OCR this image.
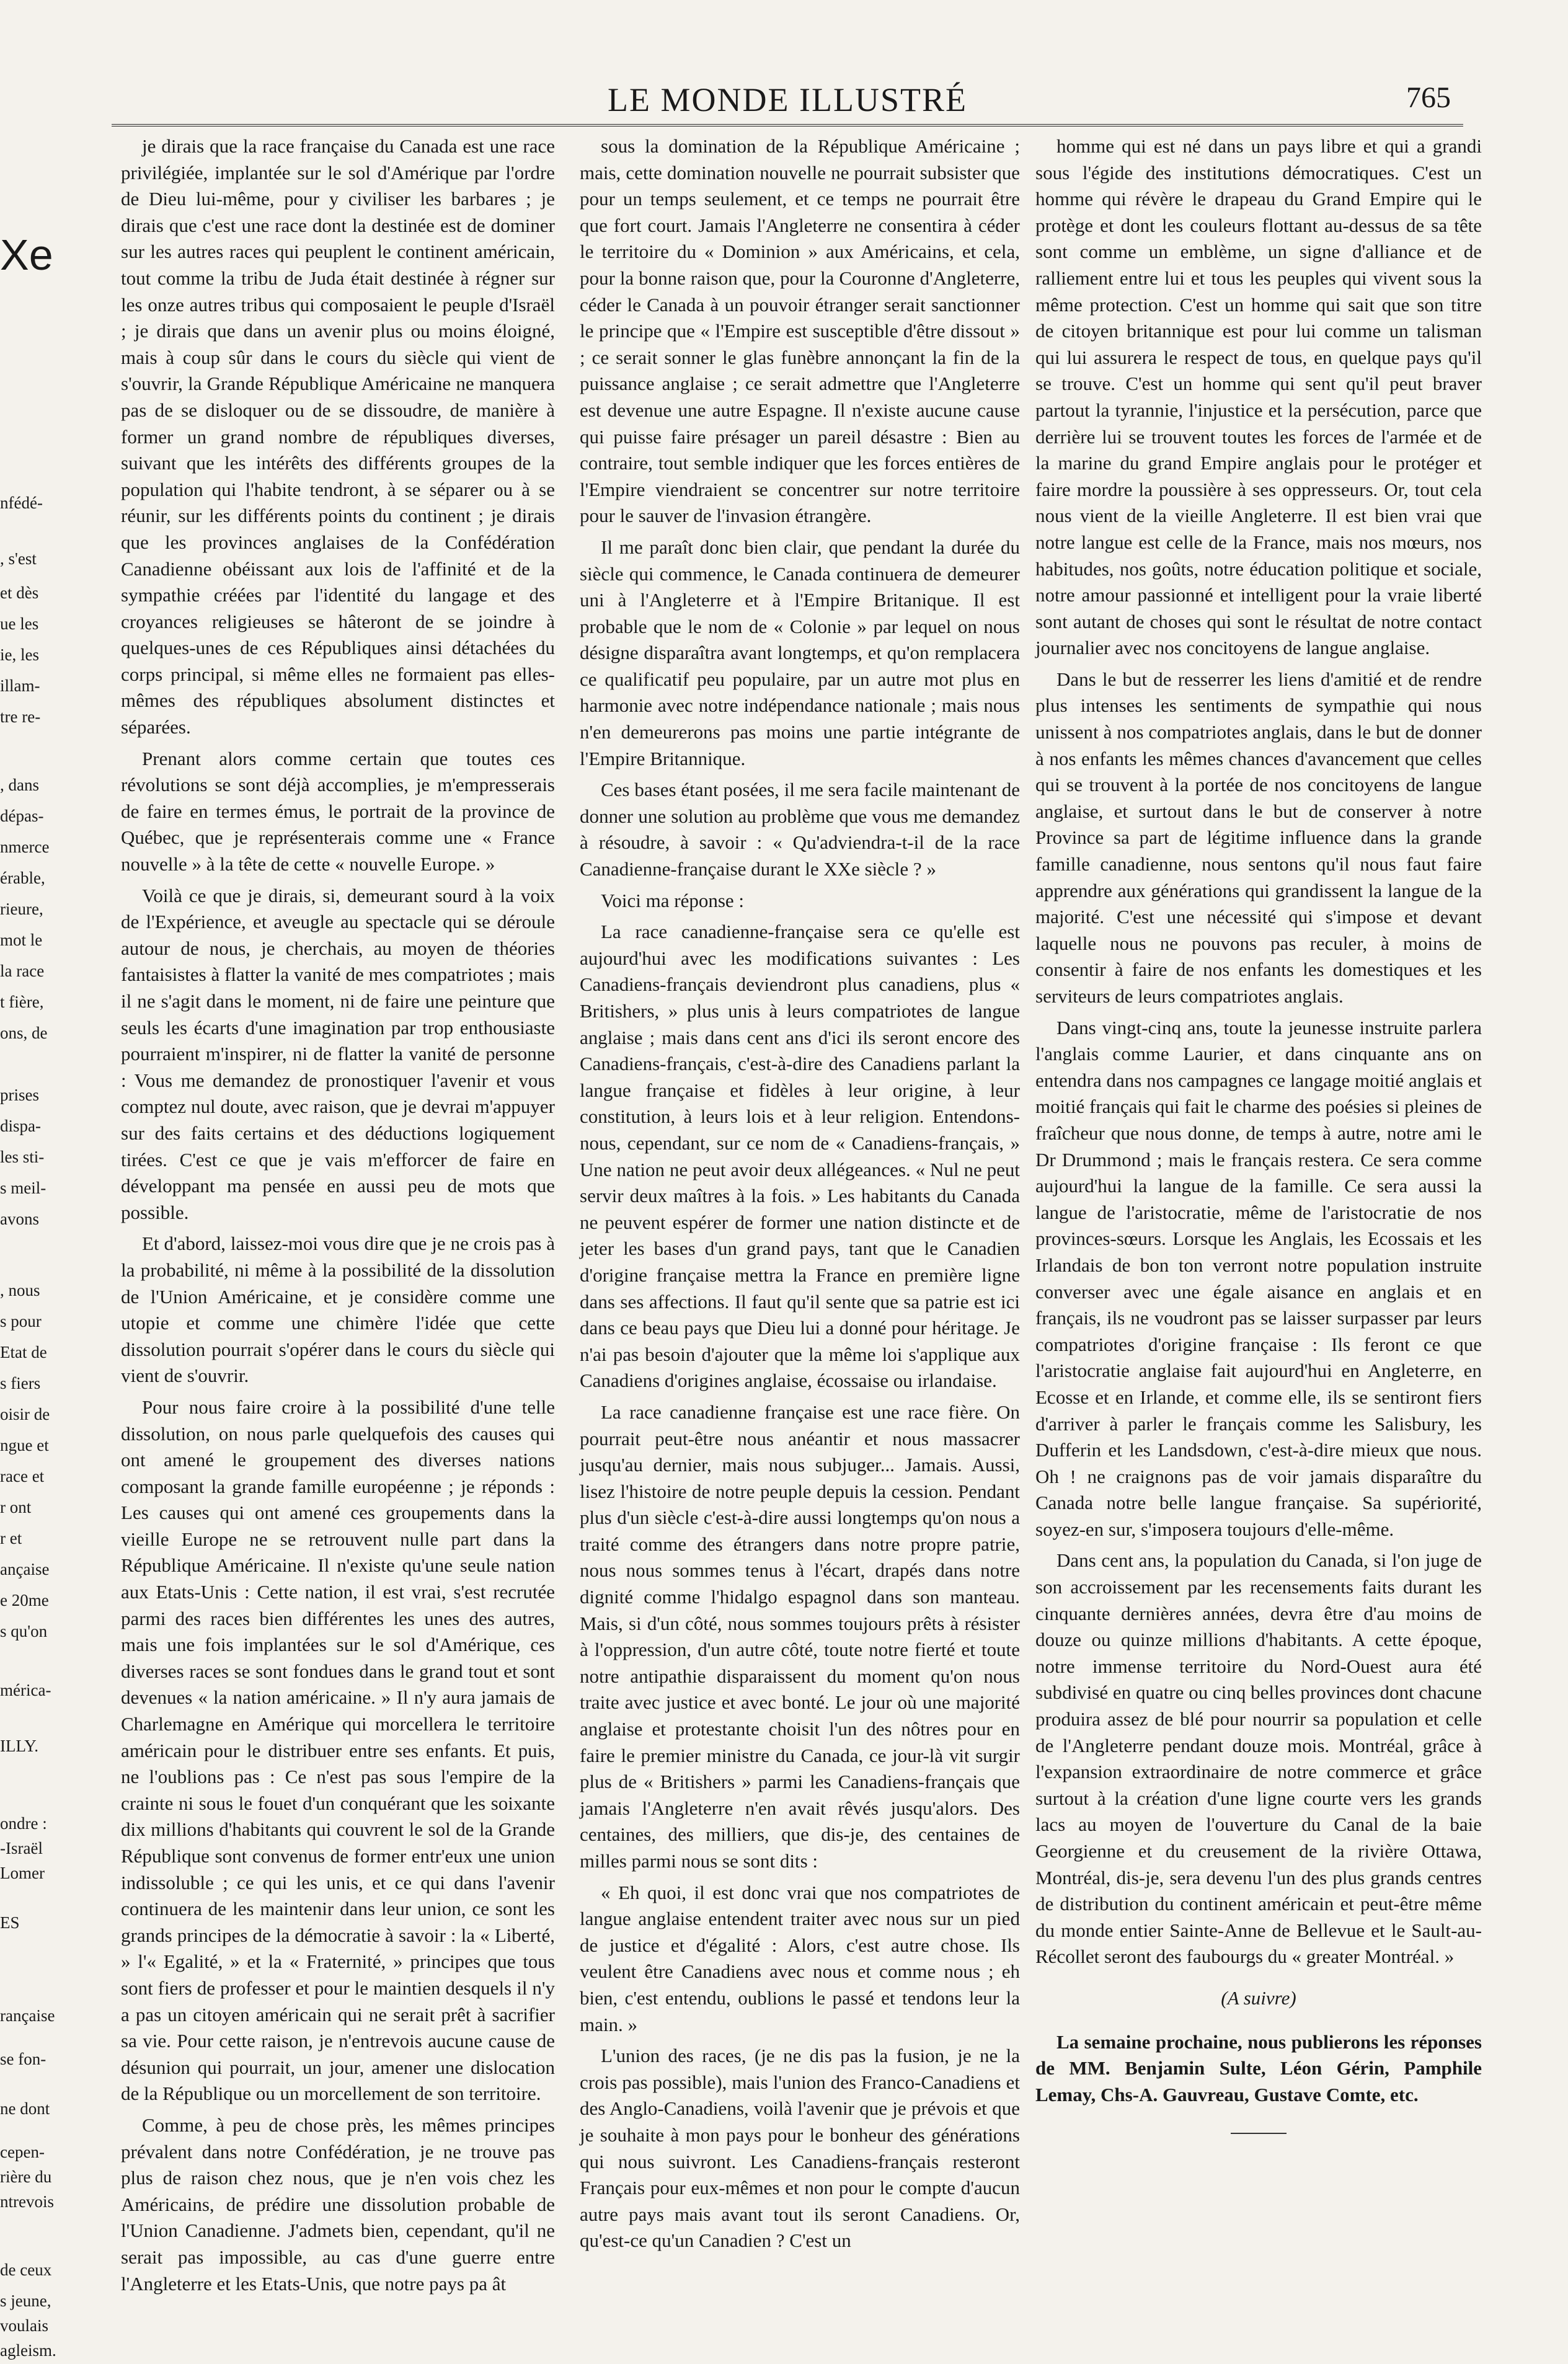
Xe
nfédé-
, s'est
et dès
ue les
ie, les
illam-
tre re-
, dans
dépas-
nmerce
érable,
rieure,
mot le
la race
t fière,
ons, de
prises
dispa-
les sti-
s meil-
avons
, nous
s pour
Etat de
s fiers
oisir de
ngue et
race et
r ont
r et
ançaise
e 20me
s qu'on
mérica-
ILLY.
ondre :
-Israël
Lomer
ES
rançaise
se fon-
ne dont
cepen-
rière du
ntrevois
de ceux
s jeune,
voulais
agleism.
LE MONDE ILLUSTRÉ	765

je dirais que la race française du Canada est une race privilégiée, implantée sur le sol d'Amérique par l'ordre de Dieu lui-même, pour y civiliser les barbares ; je dirais que c'est une race dont la destinée est de dominer sur les autres races qui peuplent le continent américain, tout comme la tribu de Juda était destinée à régner sur les onze autres tribus qui composaient le peuple d'Israël ; je dirais que dans un avenir plus ou moins éloigné, mais à coup sûr dans le cours du siècle qui vient de s'ouvrir, la Grande République Américaine ne manquera pas de se disloquer ou de se dissoudre, de manière à former un grand nombre de républiques diverses, suivant que les intérêts des différents groupes de la population qui l'habite tendront, à se séparer ou à se réunir, sur les différents points du continent ; je dirais que les provinces anglaises de la Confédération Canadienne obéissant aux lois de l'affinité et de la sympathie créées par l'identité du langage et des croyances religieuses se hâteront de se joindre à quelques-unes de ces Républiques ainsi détachées du corps principal, si même elles ne formaient pas elles-mêmes des républiques absolument distinctes et séparées.

Prenant alors comme certain que toutes ces révolutions se sont déjà accomplies, je m'empresserais de faire en termes émus, le portrait de la province de Québec, que je représenterais comme une « France nouvelle » à la tête de cette « nouvelle Europe. »

Voilà ce que je dirais, si, demeurant sourd à la voix de l'Expérience, et aveugle au spectacle qui se déroule autour de nous, je cherchais, au moyen de théories fantaisistes à flatter la vanité de mes compatriotes ; mais il ne s'agit dans le moment, ni de faire une peinture que seuls les écarts d'une imagination par trop enthousiaste pourraient m'inspirer, ni de flatter la vanité de personne : Vous me demandez de pronostiquer l'avenir et vous comptez nul doute, avec raison, que je devrai m'appuyer sur des faits certains et des déductions logiquement tirées. C'est ce que je vais m'efforcer de faire en développant ma pensée en aussi peu de mots que possible.

Et d'abord, laissez-moi vous dire que je ne crois pas à la probabilité, ni même à la possibilité de la dissolution de l'Union Américaine, et je considère comme une utopie et comme une chimère l'idée que cette dissolution pourrait s'opérer dans le cours du siècle qui vient de s'ouvrir.

Pour nous faire croire à la possibilité d'une telle dissolution, on nous parle quelquefois des causes qui ont amené le groupement des diverses nations composant la grande famille européenne ; je réponds : Les causes qui ont amené ces groupements dans la vieille Europe ne se retrouvent nulle part dans la République Américaine. Il n'existe qu'une seule nation aux Etats-Unis : Cette nation, il est vrai, s'est recrutée parmi des races bien différentes les unes des autres, mais une fois implantées sur le sol d'Amérique, ces diverses races se sont fondues dans le grand tout et sont devenues « la nation américaine. » Il n'y aura jamais de Charlemagne en Amérique qui morcellera le territoire américain pour le distribuer entre ses enfants. Et puis, ne l'oublions pas : Ce n'est pas sous l'empire de la crainte ni sous le fouet d'un conquérant que les soixante dix millions d'habitants qui couvrent le sol de la Grande République sont convenus de former entr'eux une union indissoluble ; ce qui les unis, et ce qui dans l'avenir continuera de les maintenir dans leur union, ce sont les grands principes de la démocratie à savoir : la « Liberté, » l'« Egalité, » et la « Fraternité, » principes que tous sont fiers de professer et pour le maintien desquels il n'y a pas un citoyen américain qui ne serait prêt à sacrifier sa vie. Pour cette raison, je n'entrevois aucune cause de désunion qui pourrait, un jour, amener une dislocation de la République ou un morcellement de son territoire.

Comme, à peu de chose près, les mêmes principes prévalent dans notre Confédération, je ne trouve pas plus de raison chez nous, que je n'en vois chez les Américains, de prédire une dissolution probable de l'Union Canadienne. J'admets bien, cependant, qu'il ne serait pas impossible, au cas d'une guerre entre l'Angleterre et les Etats-Unis, que notre pays pa ât

sous la domination de la République Américaine ; mais, cette domination nouvelle ne pourrait subsister que pour un temps seulement, et ce temps ne pourrait être que fort court. Jamais l'Angleterre ne consentira à céder le territoire du « Dominion » aux Américains, et cela, pour la bonne raison que, pour la Couronne d'Angleterre, céder le Canada à un pouvoir étranger serait sanctionner le principe que « l'Empire est susceptible d'être dissout » ; ce serait sonner le glas funèbre annonçant la fin de la puissance anglaise ; ce serait admettre que l'Angleterre est devenue une autre Espagne. Il n'existe aucune cause qui puisse faire présager un pareil désastre : Bien au contraire, tout semble indiquer que les forces entières de l'Empire viendraient se concentrer sur notre territoire pour le sauver de l'invasion étrangère.

Il me paraît donc bien clair, que pendant la durée du siècle qui commence, le Canada continuera de demeurer uni à l'Angleterre et à l'Empire Britanique. Il est probable que le nom de « Colonie » par lequel on nous désigne disparaîtra avant longtemps, et qu'on remplacera ce qualificatif peu populaire, par un autre mot plus en harmonie avec notre indépendance nationale ; mais nous n'en demeurerons pas moins une partie intégrante de l'Empire Britannique.

Ces bases étant posées, il me sera facile maintenant de donner une solution au problème que vous me demandez à résoudre, à savoir : « Qu'adviendra-t-il de la race Canadienne-française durant le XXe siècle ? »

Voici ma réponse :

La race canadienne-française sera ce qu'elle est aujourd'hui avec les modifications suivantes : Les Canadiens-français deviendront plus canadiens, plus « Britishers, » plus unis à leurs compatriotes de langue anglaise ; mais dans cent ans d'ici ils seront encore des Canadiens-français, c'est-à-dire des Canadiens parlant la langue française et fidèles à leur origine, à leur constitution, à leurs lois et à leur religion. Entendons-nous, cependant, sur ce nom de « Canadiens-français, » Une nation ne peut avoir deux allégeances. « Nul ne peut servir deux maîtres à la fois. » Les habitants du Canada ne peuvent espérer de former une nation distincte et de jeter les bases d'un grand pays, tant que le Canadien d'origine française mettra la France en première ligne dans ses affections. Il faut qu'il sente que sa patrie est ici dans ce beau pays que Dieu lui a donné pour héritage. Je n'ai pas besoin d'ajouter que la même loi s'applique aux Canadiens d'origines anglaise, écossaise ou irlandaise.

La race canadienne française est une race fière. On pourrait peut-être nous anéantir et nous massacrer jusqu'au dernier, mais nous subjuger... Jamais. Aussi, lisez l'histoire de notre peuple depuis la cession. Pendant plus d'un siècle c'est-à-dire aussi longtemps qu'on nous a traité comme des étrangers dans notre propre patrie, nous nous sommes tenus à l'écart, drapés dans notre dignité comme l'hidalgo espagnol dans son manteau. Mais, si d'un côté, nous sommes toujours prêts à résister à l'oppression, d'un autre côté, toute notre fierté et toute notre antipathie disparaissent du moment qu'on nous traite avec justice et avec bonté. Le jour où une majorité anglaise et protestante choisit l'un des nôtres pour en faire le premier ministre du Canada, ce jour-là vit surgir plus de « Britishers » parmi les Canadiens-français que jamais l'Angleterre n'en avait rêvés jusqu'alors. Des centaines, des milliers, que dis-je, des centaines de milles parmi nous se sont dits :

« Eh quoi, il est donc vrai que nos compatriotes de langue anglaise entendent traiter avec nous sur un pied de justice et d'égalité : Alors, c'est autre chose. Ils veulent être Canadiens avec nous et comme nous ; eh bien, c'est entendu, oublions le passé et tendons leur la main. »

L'union des races, (je ne dis pas la fusion, je ne la crois pas possible), mais l'union des Franco-Canadiens et des Anglo-Canadiens, voilà l'avenir que je prévois et que je souhaite à mon pays pour le bonheur des générations qui nous suivront. Les Canadiens-français resteront Français pour eux-mêmes et non pour le compte d'aucun autre pays mais avant tout ils seront Canadiens. Or, qu'est-ce qu'un Canadien ? C'est un

homme qui est né dans un pays libre et qui a grandi sous l'égide des institutions démocratiques. C'est un homme qui révère le drapeau du Grand Empire qui le protège et dont les couleurs flottant au-dessus de sa tête sont comme un emblème, un signe d'alliance et de ralliement entre lui et tous les peuples qui vivent sous la même protection. C'est un homme qui sait que son titre de citoyen britannique est pour lui comme un talisman qui lui assurera le respect de tous, en quelque pays qu'il se trouve. C'est un homme qui sent qu'il peut braver partout la tyrannie, l'injustice et la persécution, parce que derrière lui se trouvent toutes les forces de l'armée et de la marine du grand Empire anglais pour le protéger et faire mordre la poussière à ses oppresseurs. Or, tout cela nous vient de la vieille Angleterre. Il est bien vrai que notre langue est celle de la France, mais nos mœurs, nos habitudes, nos goûts, notre éducation politique et sociale, notre amour passionné et intelligent pour la vraie liberté sont autant de choses qui sont le résultat de notre contact journalier avec nos concitoyens de langue anglaise.

Dans le but de resserrer les liens d'amitié et de rendre plus intenses les sentiments de sympathie qui nous unissent à nos compatriotes anglais, dans le but de donner à nos enfants les mêmes chances d'avancement que celles qui se trouvent à la portée de nos concitoyens de langue anglaise, et surtout dans le but de conserver à notre Province sa part de légitime influence dans la grande famille canadienne, nous sentons qu'il nous faut faire apprendre aux générations qui grandissent la langue de la majorité. C'est une nécessité qui s'impose et devant laquelle nous ne pouvons pas reculer, à moins de consentir à faire de nos enfants les domestiques et les serviteurs de leurs compatriotes anglais.

Dans vingt-cinq ans, toute la jeunesse instruite parlera l'anglais comme Laurier, et dans cinquante ans on entendra dans nos campagnes ce langage moitié anglais et moitié français qui fait le charme des poésies si pleines de fraîcheur que nous donne, de temps à autre, notre ami le Dr Drummond ; mais le français restera. Ce sera comme aujourd'hui la langue de la famille. Ce sera aussi la langue de l'aristocratie, même de l'aristocratie de nos provinces-sœurs. Lorsque les Anglais, les Ecossais et les Irlandais de bon ton verront notre population instruite converser avec une égale aisance en anglais et en français, ils ne voudront pas se laisser surpasser par leurs compatriotes d'origine française : Ils feront ce que l'aristocratie anglaise fait aujourd'hui en Angleterre, en Ecosse et en Irlande, et comme elle, ils se sentiront fiers d'arriver à parler le français comme les Salisbury, les Dufferin et les Landsdown, c'est-à-dire mieux que nous. Oh ! ne craignons pas de voir jamais disparaître du Canada notre belle langue française. Sa supériorité, soyez-en sur, s'imposera toujours d'elle-même.

Dans cent ans, la population du Canada, si l'on juge de son accroissement par les recensements faits durant les cinquante dernières années, devra être d'au moins de douze ou quinze millions d'habitants. A cette époque, notre immense territoire du Nord-Ouest aura été subdivisé en quatre ou cinq belles provinces dont chacune produira assez de blé pour nourrir sa population et celle de l'Angleterre pendant douze mois. Montréal, grâce à l'expansion extraordinaire de notre commerce et grâce surtout à la création d'une ligne courte vers les grands lacs au moyen de l'ouverture du Canal de la baie Georgienne et du creusement de la rivière Ottawa, Montréal, dis-je, sera devenu l'un des plus grands centres de distribution du continent américain et peut-être même du monde entier Sainte-Anne de Bellevue et le Sault-au-Récollet seront des faubourgs du « greater Montréal. »

(A suivre)

La semaine prochaine, nous publierons les réponses de MM. Benjamin Sulte, Léon Gérin, Pamphile Lemay, Chs-A. Gauvreau, Gustave Comte, etc.
